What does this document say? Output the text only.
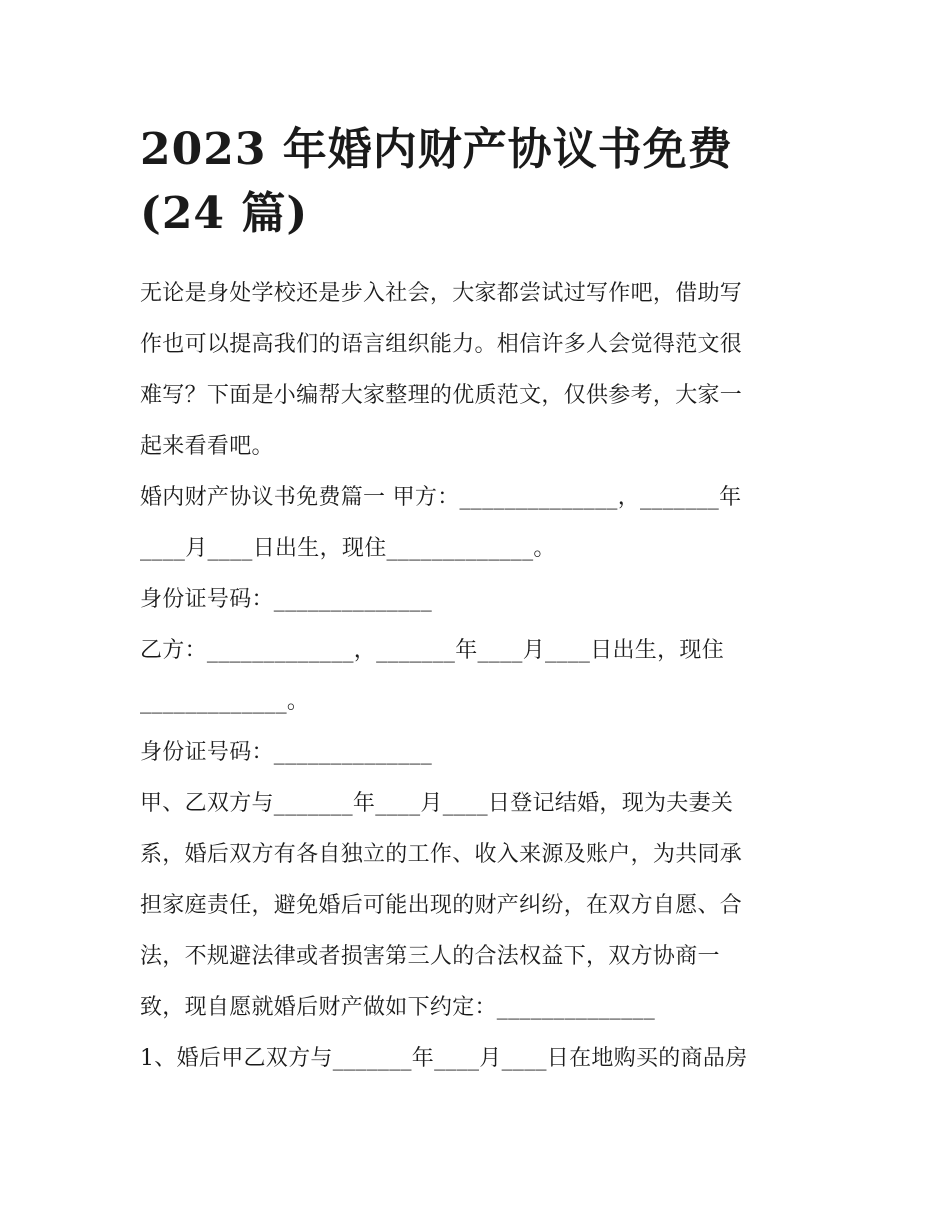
2023 年婚内财产协议书免费
(24 篇)
无论是身处学校还是步入社会，大家都尝试过写作吧，借助写
作也可以提高我们的语言组织能力。相信许多人会觉得范文很
难写？下面是小编帮大家整理的优质范文，仅供参考，大家一
起来看看吧。
婚内财产协议书免费篇一 甲方：______________，_______年
____月____日出生，现住_____________。
身份证号码：______________
乙方：_____________，_______年____月____日出生，现住
_____________。
身份证号码：______________
甲、乙双方与_______年____月____日登记结婚，现为夫妻关
系，婚后双方有各自独立的工作、收入来源及账户，为共同承
担家庭责任，避免婚后可能出现的财产纠纷，在双方自愿、合
法，不规避法律或者损害第三人的合法权益下，双方协商一
致，现自愿就婚后财产做如下约定：______________
1、婚后甲乙双方与_______年____月____日在地购买的商品房
